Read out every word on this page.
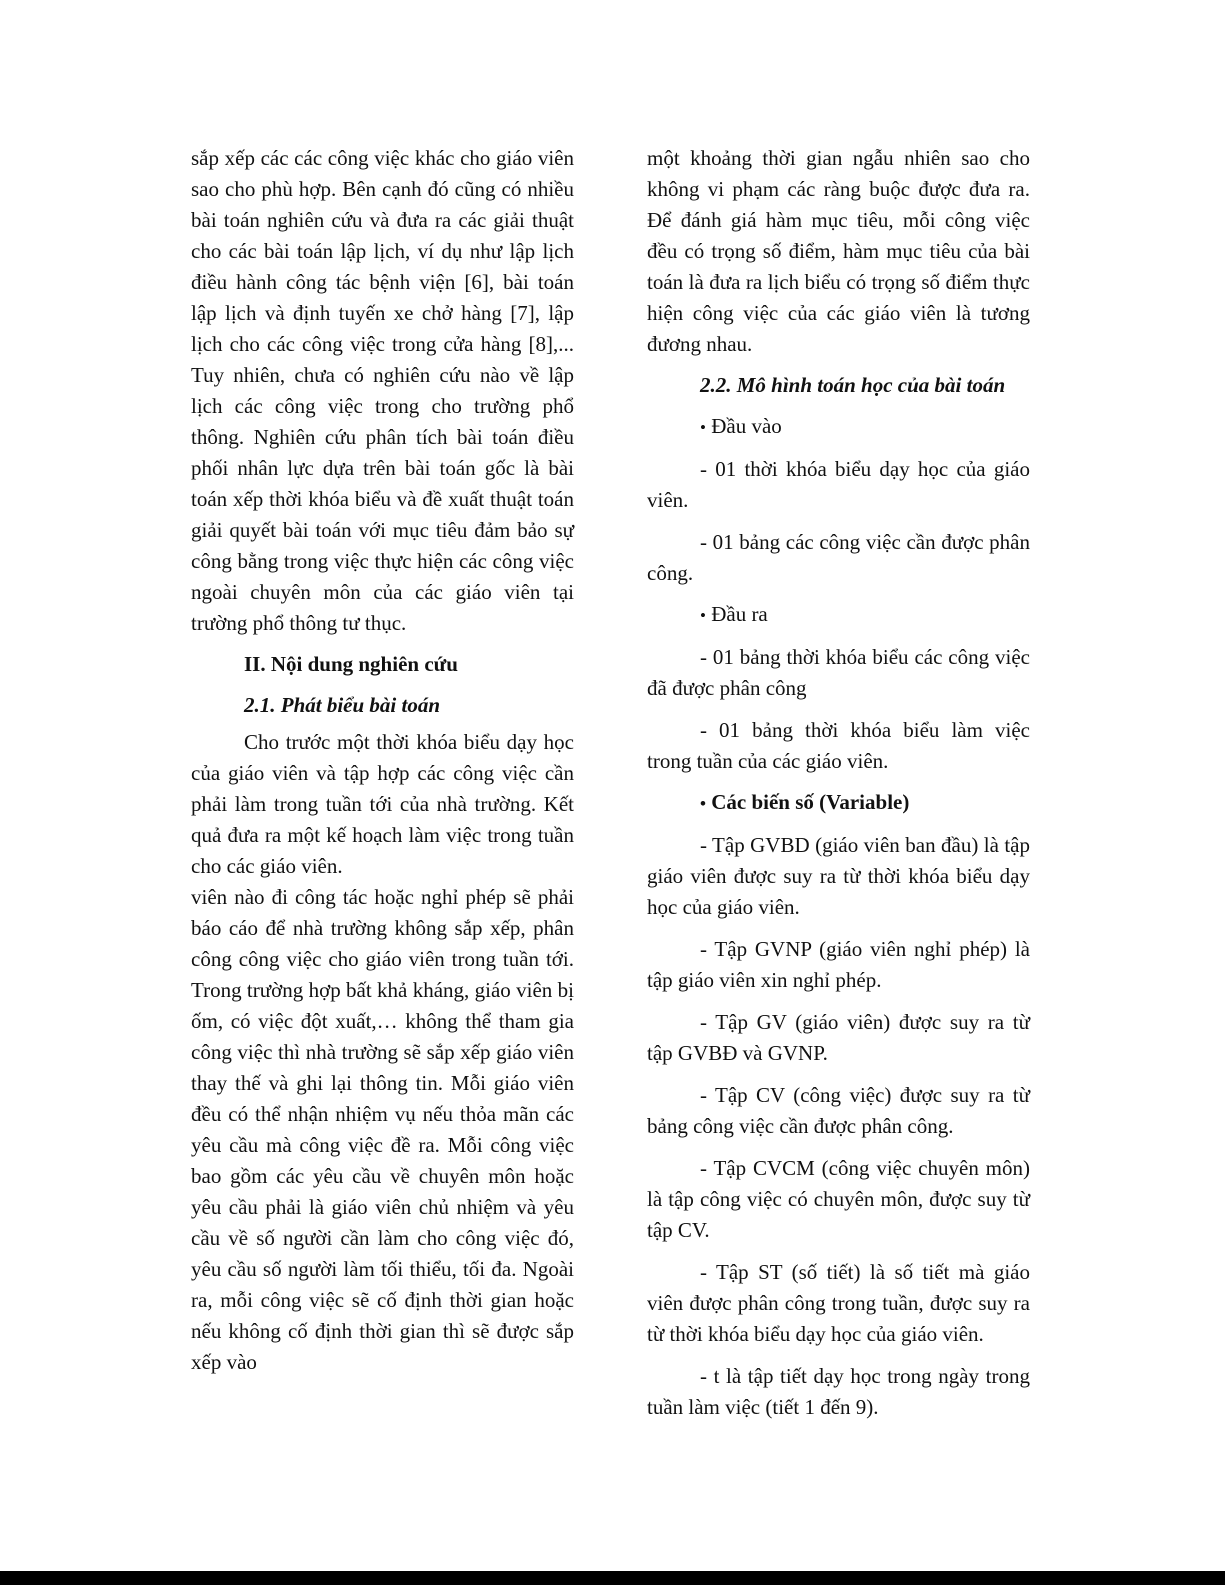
sắp xếp các các công việc khác cho giáo viên sao cho phù hợp. Bên cạnh đó cũng có nhiều bài toán nghiên cứu và đưa ra các giải thuật cho các bài toán lập lịch, ví dụ như lập lịch điều hành công tác bệnh viện [6], bài toán lập lịch và định tuyến xe chở hàng [7], lập lịch cho các công việc trong cửa hàng [8],... Tuy nhiên, chưa có nghiên cứu nào về lập lịch các công việc trong cho trường phổ thông. Nghiên cứu phân tích bài toán điều phối nhân lực dựa trên bài toán gốc là bài toán xếp thời khóa biểu và đề xuất thuật toán giải quyết bài toán với mục tiêu đảm bảo sự công bằng trong việc thực hiện các công việc ngoài chuyên môn của các giáo viên tại trường phổ thông tư thục.

II. Nội dung nghiên cứu

2.1. Phát biểu bài toán

Cho trước một thời khóa biểu dạy học của giáo viên và tập hợp các công việc cần phải làm trong tuần tới của nhà trường. Kết quả đưa ra một kế hoạch làm việc trong tuần cho các giáo viên.

viên nào đi công tác hoặc nghỉ phép sẽ phải báo cáo để nhà trường không sắp xếp, phân công công việc cho giáo viên trong tuần tới. Trong trường hợp bất khả kháng, giáo viên bị ốm, có việc đột xuất,… không thể tham gia công việc thì nhà trường sẽ sắp xếp giáo viên thay thế và ghi lại thông tin. Mỗi giáo viên đều có thể nhận nhiệm vụ nếu thỏa mãn các yêu cầu mà công việc đề ra. Mỗi công việc bao gồm các yêu cầu về chuyên môn hoặc yêu cầu phải là giáo viên chủ nhiệm và yêu cầu về số người cần làm cho công việc đó, yêu cầu số người làm tối thiểu, tối đa. Ngoài ra, mỗi công việc sẽ cố định thời gian hoặc nếu không cố định thời gian thì sẽ được sắp xếp vào

một khoảng thời gian ngẫu nhiên sao cho không vi phạm các ràng buộc được đưa ra. Để đánh giá hàm mục tiêu, mỗi công việc đều có trọng số điểm, hàm mục tiêu của bài toán là đưa ra lịch biểu có trọng số điểm thực hiện công việc của các giáo viên là tương đương nhau.

2.2. Mô hình toán học của bài toán

• Đầu vào

- 01 thời khóa biểu dạy học của giáo viên.

- 01 bảng các công việc cần được phân công.

• Đầu ra

- 01 bảng thời khóa biểu các công việc đã được phân công

- 01 bảng thời khóa biểu làm việc trong tuần của các giáo viên.

• Các biến số (Variable)

- Tập GVBD (giáo viên ban đầu) là tập giáo viên được suy ra từ thời khóa biểu dạy học của giáo viên.

- Tập GVNP (giáo viên nghỉ phép) là tập giáo viên xin nghỉ phép.

- Tập GV (giáo viên) được suy ra từ tập GVBĐ và GVNP.

- Tập CV (công việc) được suy ra từ bảng công việc cần được phân công.

- Tập CVCM (công việc chuyên môn) là tập công việc có chuyên môn, được suy từ tập CV.

- Tập ST (số tiết) là số tiết mà giáo viên được phân công trong tuần, được suy ra từ thời khóa biểu dạy học của giáo viên.

- t là tập tiết dạy học trong ngày trong tuần làm việc (tiết 1 đến 9).
